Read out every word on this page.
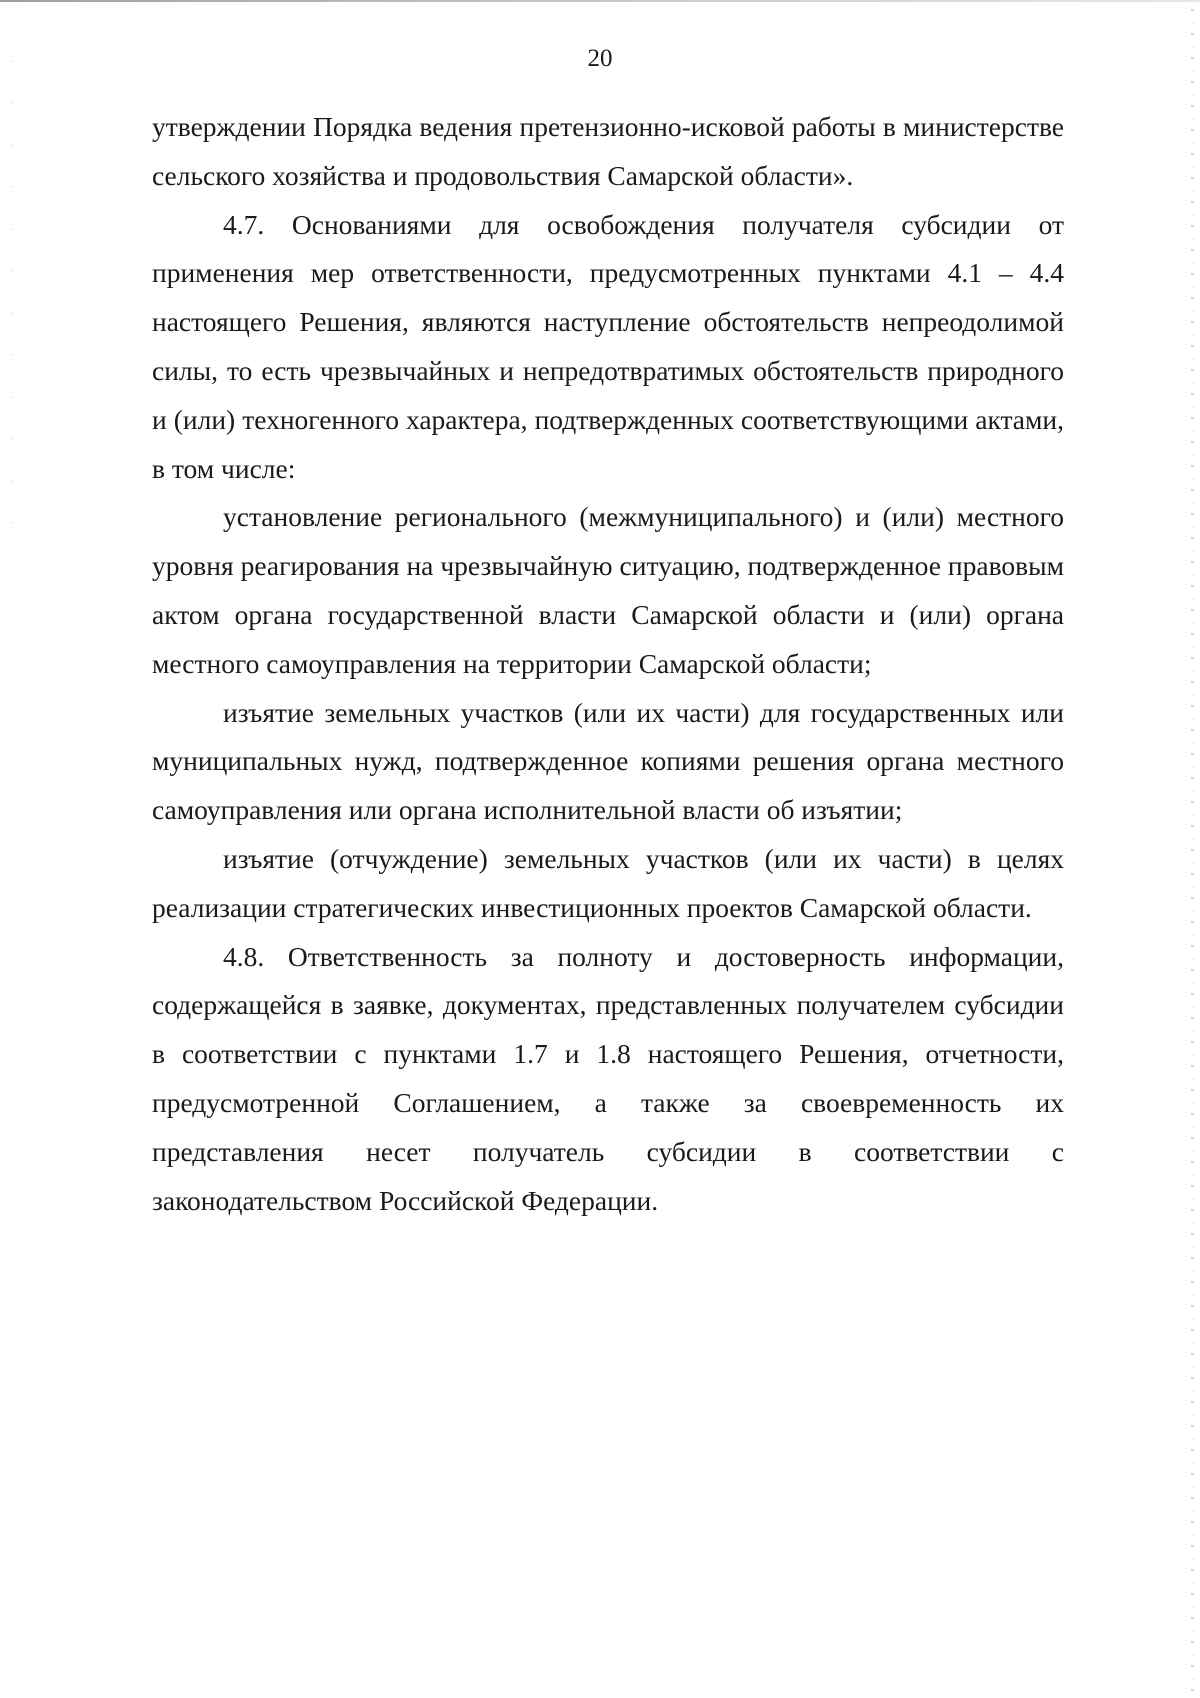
20

утверждении Порядка ведения претензионно-исковой работы в министерстве сельского хозяйства и продовольствия Самарской области».

4.7. Основаниями для освобождения получателя субсидии от применения мер ответственности, предусмотренных пунктами 4.1 – 4.4 настоящего Решения, являются наступление обстоятельств непреодолимой силы, то есть чрезвычайных и непредотвратимых обстоятельств природного и (или) техногенного характера, подтвержденных соответствующими актами, в том числе:

установление регионального (межмуниципального) и (или) местного уровня реагирования на чрезвычайную ситуацию, подтвержденное правовым актом органа государственной власти Самарской области и (или) органа местного самоуправления на территории Самарской области;

изъятие земельных участков (или их части) для государственных или муниципальных нужд, подтвержденное копиями решения органа местного самоуправления или органа исполнительной власти об изъятии;

изъятие (отчуждение) земельных участков (или их части) в целях реализации стратегических инвестиционных проектов Самарской области.

4.8. Ответственность за полноту и достоверность информации, содержащейся в заявке, документах, представленных получателем субсидии в соответствии с пунктами 1.7 и 1.8 настоящего Решения, отчетности, предусмотренной Соглашением, а также за своевременность их представления несет получатель субсидии в соответствии с законодательством Российской Федерации.
